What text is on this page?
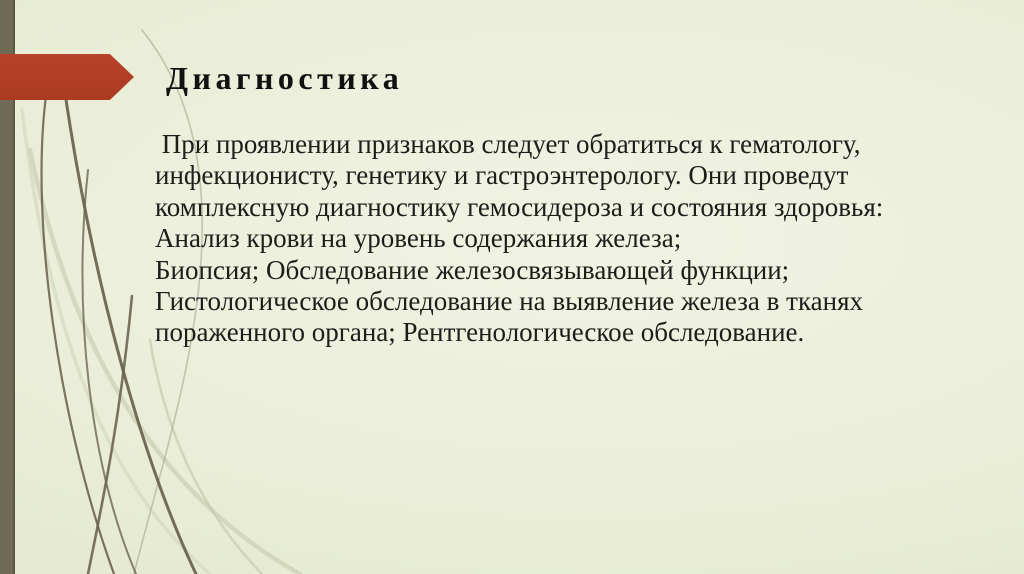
Диагностика
При проявлении признаков следует обратиться к гематологу,
инфекционисту, генетику и гастроэнтерологу. Они проведут
комплексную диагностику гемосидероза и состояния здоровья:
Анализ крови на уровень содержания железа;
Биопсия; Обследование железосвязывающей функции;
Гистологическое обследование на выявление железа в тканях
пораженного органа; Рентгенологическое обследование.
